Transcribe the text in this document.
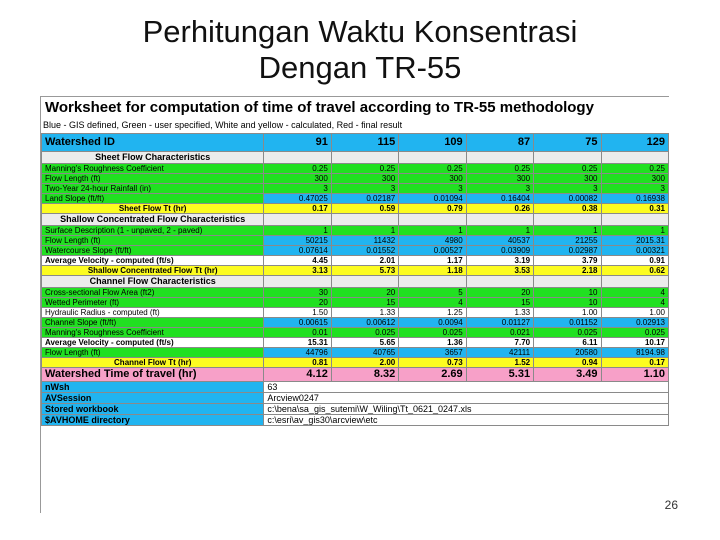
Perhitungan Waktu Konsentrasi
Dengan TR-55
Worksheet for computation of time of travel according to TR-55 methodology
Blue - GIS defined, Green - user specified, White and yellow - calculated, Red - final result
Watershed ID	91	115	109	87	75	129
Sheet Flow Characteristics						
Manning's Roughness Coefficient	0.25	0.25	0.25	0.25	0.25	0.25
Flow Length (ft)	300	300	300	300	300	300
Two-Year 24-hour Rainfall (in)	3	3	3	3	3	3
Land Slope (ft/ft)	0.47025	0.02187	0.01094	0.16404	0.00082	0.16938
Sheet Flow Tt (hr)	0.17	0.59	0.79	0.26	0.38	0.31
Shallow Concentrated Flow Characteristics						
Surface Description (1 - unpaved, 2 - paved)	1	1	1	1	1	1
Flow Length (ft)	50215	11432	4980	40537	21255	2015.31
Watercourse Slope (ft/ft)	0.07614	0.01552	0.00527	0.03909	0.02987	0.00321
Average Velocity - computed (ft/s)	4.45	2.01	1.17	3.19	3.79	0.91
Shallow Concentrated Flow Tt (hr)	3.13	5.73	1.18	3.53	2.18	0.62
Channel Flow Characteristics						
Cross-sectional Flow Area (ft2)	30	20	5	20	10	4
Wetted Perimeter (ft)	20	15	4	15	10	4
Hydraulic Radius - computed (ft)	1.50	1.33	1.25	1.33	1.00	1.00
Channel Slope (ft/ft)	0.00615	0.00612	0.0094	0.01127	0.01152	0.02913
Manning's Roughness Coefficient	0.01	0.025	0.025	0.021	0.025	0.025
Average Velocity - computed (ft/s)	15.31	5.65	1.36	7.70	6.11	10.17
Flow Length (ft)	44796	40765	3657	42111	20580	8194.98
Channel Flow Tt (hr)	0.81	2.00	0.73	1.52	0.94	0.17
Watershed Time of travel (hr)	4.12	8.32	2.69	5.31	3.49	1.10
nWsh	63					
AVSession	Arcview0247					
Stored workbook	c:\bena\sa_gis_sutemi\W_Wiling\Tt_0621_0247.xls					
$AVHOME directory	c:\esri\av_gis30\arcview\etc					
26
